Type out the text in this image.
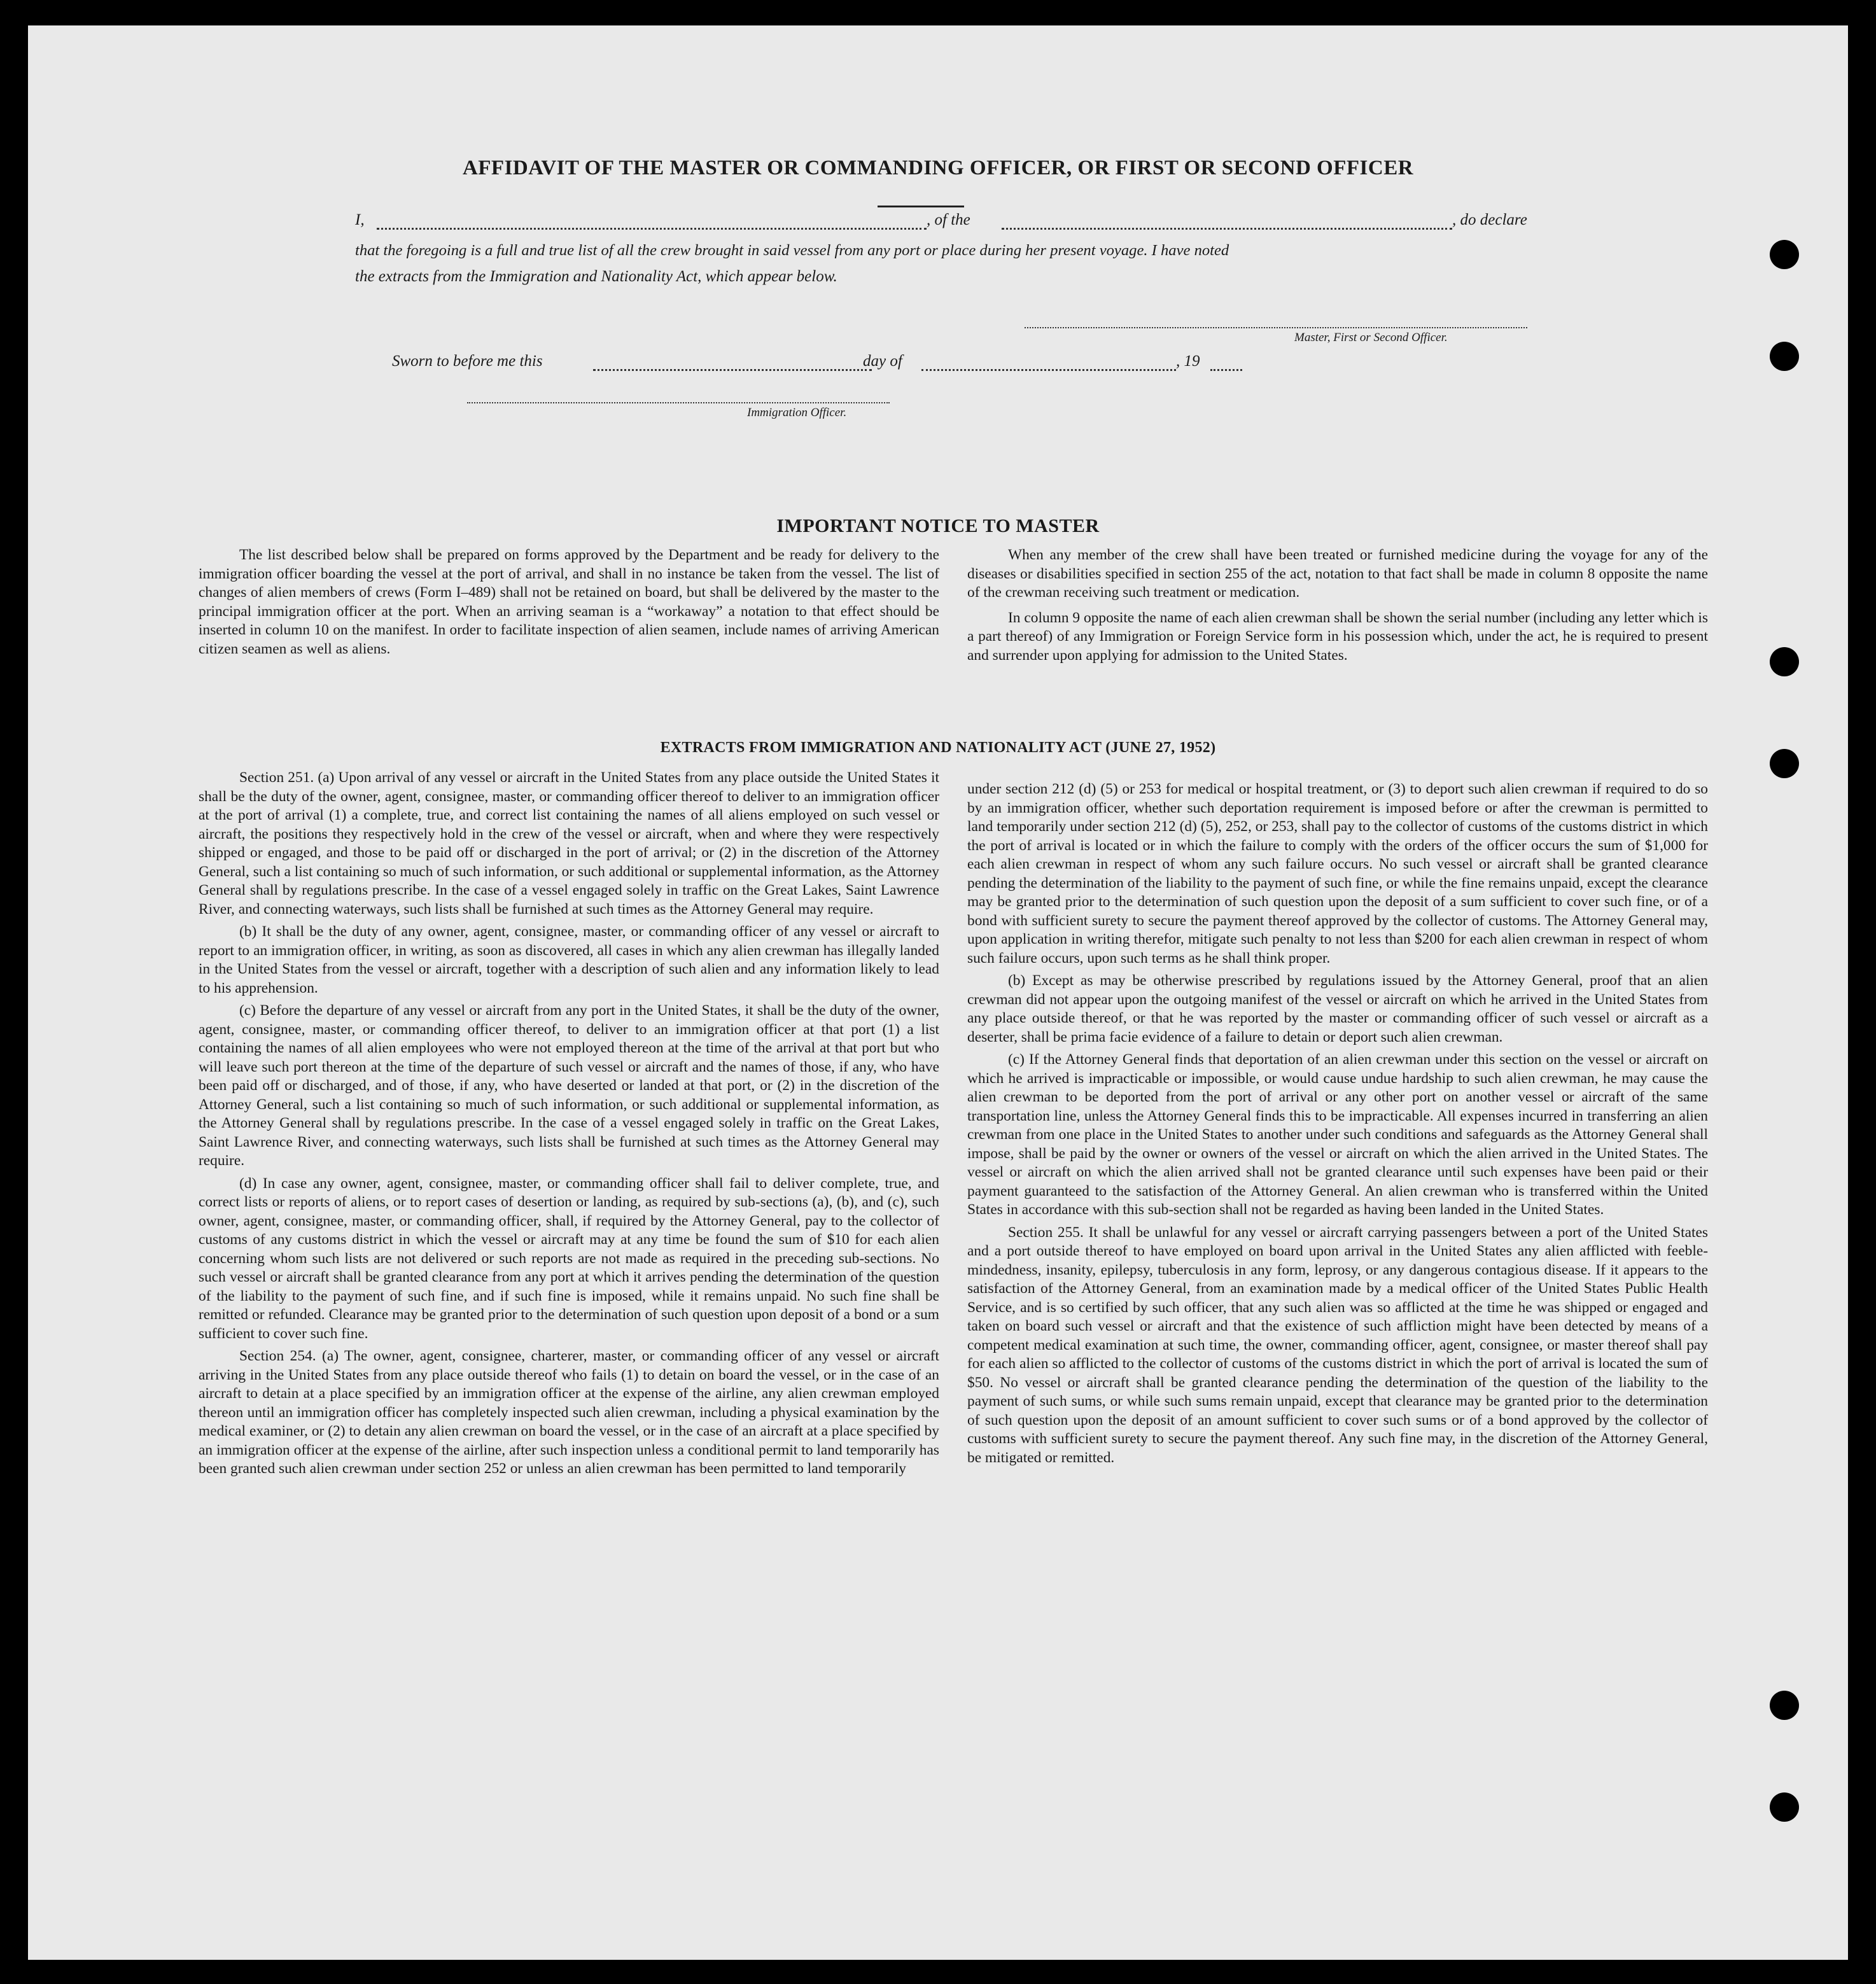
AFFIDAVIT OF THE MASTER OR COMMANDING OFFICER, OR FIRST OR SECOND OFFICER
I,	, of the	, do declare
that the foregoing is a full and true list of all the crew brought in said vessel from any port or place during her present voyage. I have noted
the extracts from the Immigration and Nationality Act, which appear below.
Master, First or Second Officer.
Sworn to before me this	day of	, 19
Immigration Officer.
IMPORTANT NOTICE TO MASTER

The list described below shall be prepared on forms approved by the Department and be ready for delivery to the immigration officer boarding the vessel at the port of arrival, and shall in no instance be taken from the vessel. The list of changes of alien members of crews (Form I–489) shall not be retained on board, but shall be delivered by the master to the principal immigration officer at the port. When an arriving seaman is a “workaway” a notation to that effect should be inserted in column 10 on the manifest. In order to facilitate inspection of alien seamen, include names of arriving American citizen seamen as well as aliens.

When any member of the crew shall have been treated or furnished medicine during the voyage for any of the diseases or disabilities specified in section 255 of the act, notation to that fact shall be made in column 8 opposite the name of the crewman receiving such treatment or medication.

In column 9 opposite the name of each alien crewman shall be shown the serial number (including any letter which is a part thereof) of any Immigration or Foreign Service form in his possession which, under the act, he is required to present and surrender upon applying for admission to the United States.

EXTRACTS FROM IMMIGRATION AND NATIONALITY ACT (JUNE 27, 1952)

Section 251. (a) Upon arrival of any vessel or aircraft in the United States from any place outside the United States it shall be the duty of the owner, agent, consignee, master, or commanding officer thereof to deliver to an immigration officer at the port of arrival (1) a complete, true, and correct list containing the names of all aliens employed on such vessel or aircraft, the positions they respectively hold in the crew of the vessel or aircraft, when and where they were respectively shipped or engaged, and those to be paid off or discharged in the port of arrival; or (2) in the discretion of the Attorney General, such a list containing so much of such information, or such additional or supplemental information, as the Attorney General shall by regulations prescribe. In the case of a vessel engaged solely in traffic on the Great Lakes, Saint Lawrence River, and connecting waterways, such lists shall be furnished at such times as the Attorney General may require.

(b) It shall be the duty of any owner, agent, consignee, master, or commanding officer of any vessel or aircraft to report to an immigration officer, in writing, as soon as discovered, all cases in which any alien crewman has illegally landed in the United States from the vessel or aircraft, together with a description of such alien and any information likely to lead to his apprehension.

(c) Before the departure of any vessel or aircraft from any port in the United States, it shall be the duty of the owner, agent, consignee, master, or commanding officer thereof, to deliver to an immigration officer at that port (1) a list containing the names of all alien employees who were not employed thereon at the time of the arrival at that port but who will leave such port thereon at the time of the departure of such vessel or aircraft and the names of those, if any, who have been paid off or discharged, and of those, if any, who have deserted or landed at that port, or (2) in the discretion of the Attorney General, such a list containing so much of such information, or such additional or supplemental information, as the Attorney General shall by regulations prescribe. In the case of a vessel engaged solely in traffic on the Great Lakes, Saint Lawrence River, and connecting waterways, such lists shall be furnished at such times as the Attorney General may require.

(d) In case any owner, agent, consignee, master, or commanding officer shall fail to deliver complete, true, and correct lists or reports of aliens, or to report cases of desertion or landing, as required by sub-sections (a), (b), and (c), such owner, agent, consignee, master, or commanding officer, shall, if required by the Attorney General, pay to the collector of customs of any customs district in which the vessel or aircraft may at any time be found the sum of $10 for each alien concerning whom such lists are not delivered or such reports are not made as required in the preceding sub-sections. No such vessel or aircraft shall be granted clearance from any port at which it arrives pending the determination of the question of the liability to the payment of such fine, and if such fine is imposed, while it remains unpaid. No such fine shall be remitted or refunded. Clearance may be granted prior to the determination of such question upon deposit of a bond or a sum sufficient to cover such fine.

Section 254. (a) The owner, agent, consignee, charterer, master, or commanding officer of any vessel or aircraft arriving in the United States from any place outside thereof who fails (1) to detain on board the vessel, or in the case of an aircraft to detain at a place specified by an immigration officer at the expense of the airline, any alien crewman employed thereon until an immigration officer has completely inspected such alien crewman, including a physical examination by the medical examiner, or (2) to detain any alien crewman on board the vessel, or in the case of an aircraft at a place specified by an immigration officer at the expense of the airline, after such inspection unless a conditional permit to land temporarily has been granted such alien crewman under section 252 or unless an alien crewman has been permitted to land temporarily

under section 212 (d) (5) or 253 for medical or hospital treatment, or (3) to deport such alien crewman if required to do so by an immigration officer, whether such deportation requirement is imposed before or after the crewman is permitted to land temporarily under section 212 (d) (5), 252, or 253, shall pay to the collector of customs of the customs district in which the port of arrival is located or in which the failure to comply with the orders of the officer occurs the sum of $1,000 for each alien crewman in respect of whom any such failure occurs. No such vessel or aircraft shall be granted clearance pending the determination of the liability to the payment of such fine, or while the fine remains unpaid, except the clearance may be granted prior to the determination of such question upon the deposit of a sum sufficient to cover such fine, or of a bond with sufficient surety to secure the payment thereof approved by the collector of customs. The Attorney General may, upon application in writing therefor, mitigate such penalty to not less than $200 for each alien crewman in respect of whom such failure occurs, upon such terms as he shall think proper.

(b) Except as may be otherwise prescribed by regulations issued by the Attorney General, proof that an alien crewman did not appear upon the outgoing manifest of the vessel or aircraft on which he arrived in the United States from any place outside thereof, or that he was reported by the master or commanding officer of such vessel or aircraft as a deserter, shall be prima facie evidence of a failure to detain or deport such alien crewman.

(c) If the Attorney General finds that deportation of an alien crewman under this section on the vessel or aircraft on which he arrived is impracticable or impossible, or would cause undue hardship to such alien crewman, he may cause the alien crewman to be deported from the port of arrival or any other port on another vessel or aircraft of the same transportation line, unless the Attorney General finds this to be impracticable. All expenses incurred in transferring an alien crewman from one place in the United States to another under such conditions and safeguards as the Attorney General shall impose, shall be paid by the owner or owners of the vessel or aircraft on which the alien arrived in the United States. The vessel or aircraft on which the alien arrived shall not be granted clearance until such expenses have been paid or their payment guaranteed to the satisfaction of the Attorney General. An alien crewman who is transferred within the United States in accordance with this sub-section shall not be regarded as having been landed in the United States.

Section 255. It shall be unlawful for any vessel or aircraft carrying passengers between a port of the United States and a port outside thereof to have employed on board upon arrival in the United States any alien afflicted with feeble-mindedness, insanity, epilepsy, tuberculosis in any form, leprosy, or any dangerous contagious disease. If it appears to the satisfaction of the Attorney General, from an examination made by a medical officer of the United States Public Health Service, and is so certified by such officer, that any such alien was so afflicted at the time he was shipped or engaged and taken on board such vessel or aircraft and that the existence of such affliction might have been detected by means of a competent medical examination at such time, the owner, commanding officer, agent, consignee, or master thereof shall pay for each alien so afflicted to the collector of customs of the customs district in which the port of arrival is located the sum of $50. No vessel or aircraft shall be granted clearance pending the determination of the question of the liability to the payment of such sums, or while such sums remain unpaid, except that clearance may be granted prior to the determination of such question upon the deposit of an amount sufficient to cover such sums or of a bond approved by the collector of customs with sufficient surety to secure the payment thereof. Any such fine may, in the discretion of the Attorney General, be mitigated or remitted.
